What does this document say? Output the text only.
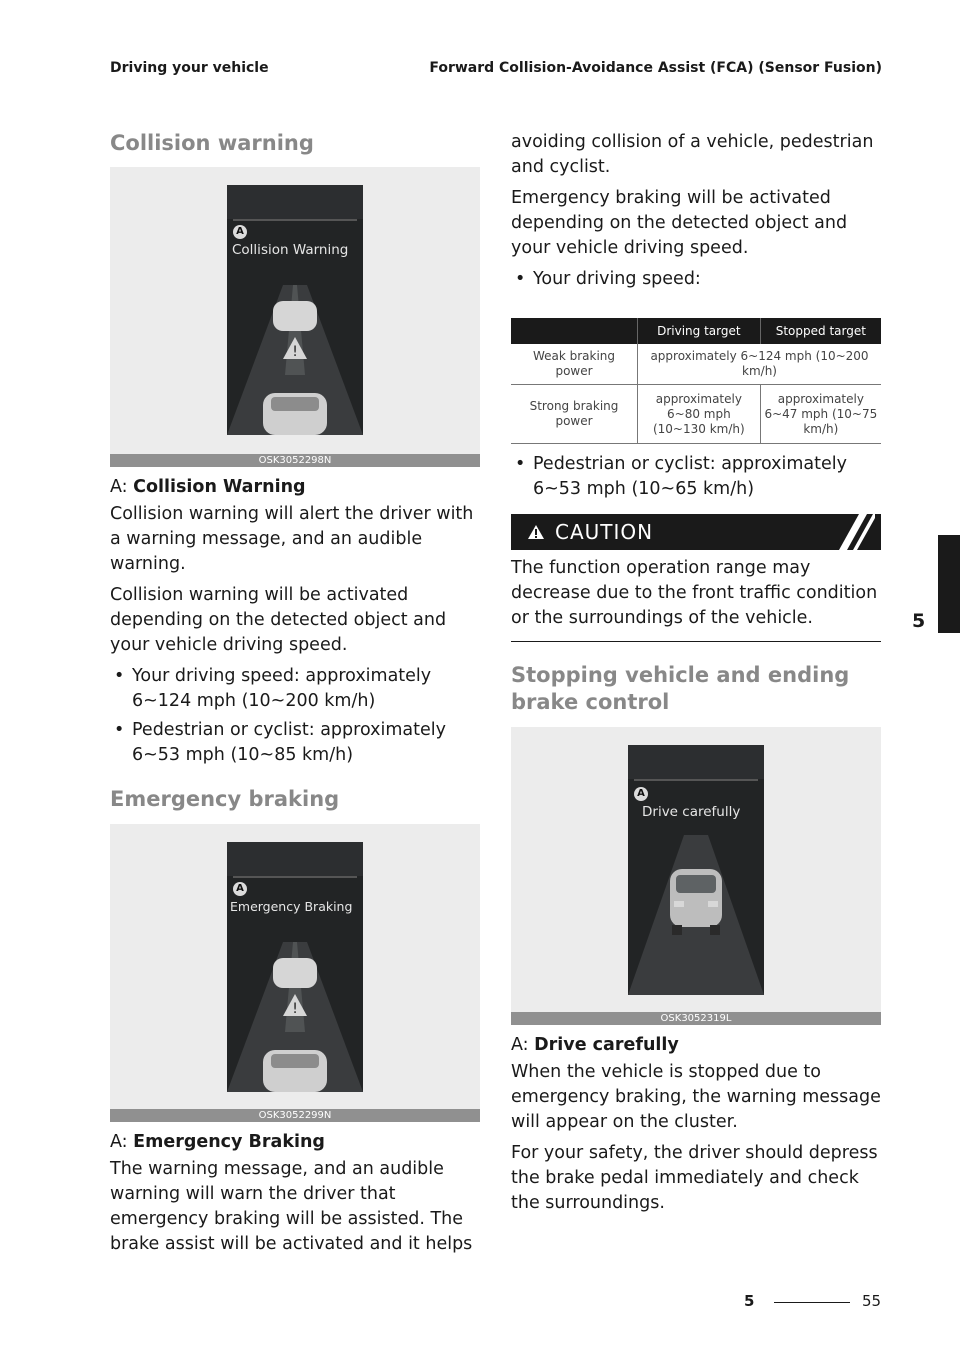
Driving your vehicle	Forward Collision-Avoidance Assist (FCA) (Sensor Fusion)
5
Collision warning
A
Collision Warning
!
OSK3052298N

A: Collision Warning

Collision warning will alert the driver with a warning message, and an audible warning.

Collision warning will be activated depending on the detected object and your vehicle driving speed.

• Your driving speed: approximately 6~124 mph (10~200 km/h)
• Pedestrian or cyclist: approximately 6~53 mph (10~85 km/h)
Emergency braking
A
Emergency Braking
!
OSK3052299N

A: Emergency Braking

The warning message, and an audible warning will warn the driver that emergency braking will be assisted. The brake assist will be activated and it helps

avoiding collision of a vehicle, pedestrian and cyclist.

Emergency braking will be activated depending on the detected object and your vehicle driving speed.

• Your driving speed:
	Driving target	Stopped target
Weak braking power	approximately 6~124 mph (10~200 km/h)	
Strong braking power	approximately 6~80 mph (10~130 km/h)	approximately 6~47 mph (10~75 km/h)
• Pedestrian or cyclist: approximately 6~53 mph (10~65 km/h)
CAUTION

The function operation range may decrease due to the front traffic condition or the surroundings of the vehicle.

Stopping vehicle and ending brake control
A
Drive carefully
OSK3052319L

A: Drive carefully

When the vehicle is stopped due to emergency braking, the warning message will appear on the cluster.

For your safety, the driver should depress the brake pedal immediately and check the surroundings.

5	55
